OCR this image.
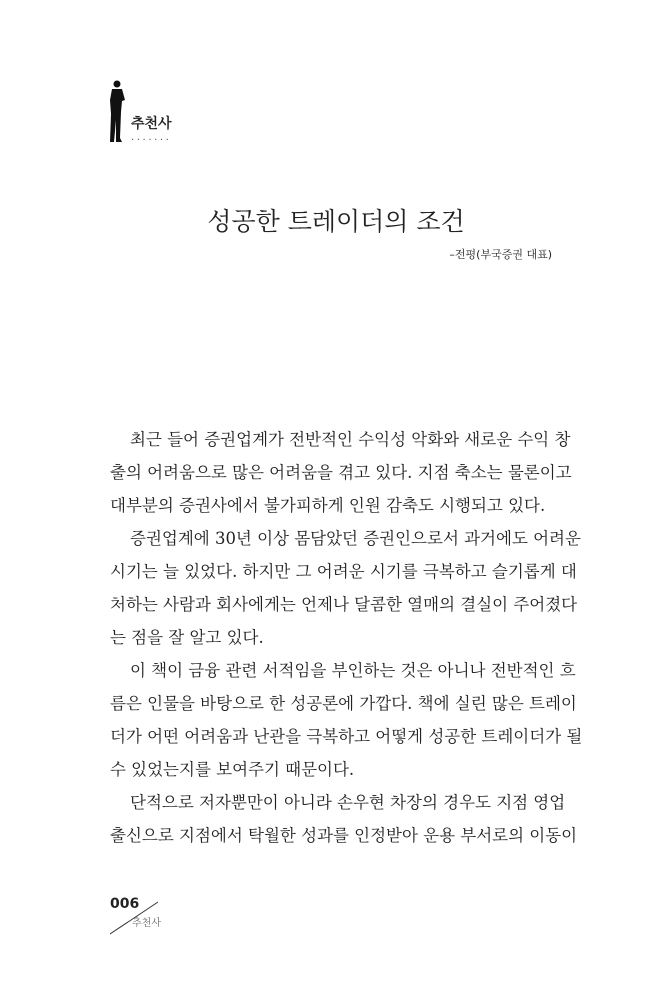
추천사
·······
성공한 트레이더의 조건
–전평(부국증권 대표)
최근 들어 증권업계가 전반적인 수익성 악화와 새로운 수익 창
출의 어려움으로 많은 어려움을 겪고 있다. 지점 축소는 물론이고
대부분의 증권사에서 불가피하게 인원 감축도 시행되고 있다.
증권업계에 30년 이상 몸담았던 증권인으로서 과거에도 어려운
시기는 늘 있었다. 하지만 그 어려운 시기를 극복하고 슬기롭게 대
처하는 사람과 회사에게는 언제나 달콤한 열매의 결실이 주어졌다
는 점을 잘 알고 있다.
이 책이 금융 관련 서적임을 부인하는 것은 아니나 전반적인 흐
름은 인물을 바탕으로 한 성공론에 가깝다. 책에 실린 많은 트레이
더가 어떤 어려움과 난관을 극복하고 어떻게 성공한 트레이더가 될
수 있었는지를 보여주기 때문이다.
단적으로 저자뿐만이 아니라 손우현 차장의 경우도 지점 영업
출신으로 지점에서 탁월한 성과를 인정받아 운용 부서로의 이동이
006
추천사
